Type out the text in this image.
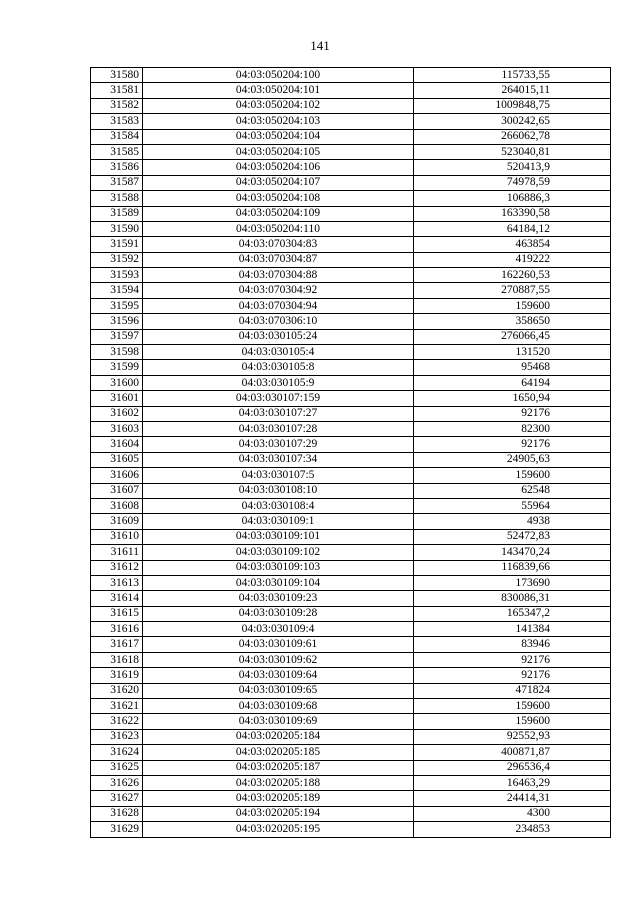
141
31580	04:03:050204:100	115733,55
31581	04:03:050204:101	264015,11
31582	04:03:050204:102	1009848,75
31583	04:03:050204:103	300242,65
31584	04:03:050204:104	266062,78
31585	04:03:050204:105	523040,81
31586	04:03:050204:106	520413,9
31587	04:03:050204:107	74978,59
31588	04:03:050204:108	106886,3
31589	04:03:050204:109	163390,58
31590	04:03:050204:110	64184,12
31591	04:03:070304:83	463854
31592	04:03:070304:87	419222
31593	04:03:070304:88	162260,53
31594	04:03:070304:92	270887,55
31595	04:03:070304:94	159600
31596	04:03:070306:10	358650
31597	04:03:030105:24	276066,45
31598	04:03:030105:4	131520
31599	04:03:030105:8	95468
31600	04:03:030105:9	64194
31601	04:03:030107:159	1650,94
31602	04:03:030107:27	92176
31603	04:03:030107:28	82300
31604	04:03:030107:29	92176
31605	04:03:030107:34	24905,63
31606	04:03:030107:5	159600
31607	04:03:030108:10	62548
31608	04:03:030108:4	55964
31609	04:03:030109:1	4938
31610	04:03:030109:101	52472,83
31611	04:03:030109:102	143470,24
31612	04:03:030109:103	116839,66
31613	04:03:030109:104	173690
31614	04:03:030109:23	830086,31
31615	04:03:030109:28	165347,2
31616	04:03:030109:4	141384
31617	04:03:030109:61	83946
31618	04:03:030109:62	92176
31619	04:03:030109:64	92176
31620	04:03:030109:65	471824
31621	04:03:030109:68	159600
31622	04:03:030109:69	159600
31623	04:03:020205:184	92552,93
31624	04:03:020205:185	400871,87
31625	04:03:020205:187	296536,4
31626	04:03:020205:188	16463,29
31627	04:03:020205:189	24414,31
31628	04:03:020205:194	4300
31629	04:03:020205:195	234853
